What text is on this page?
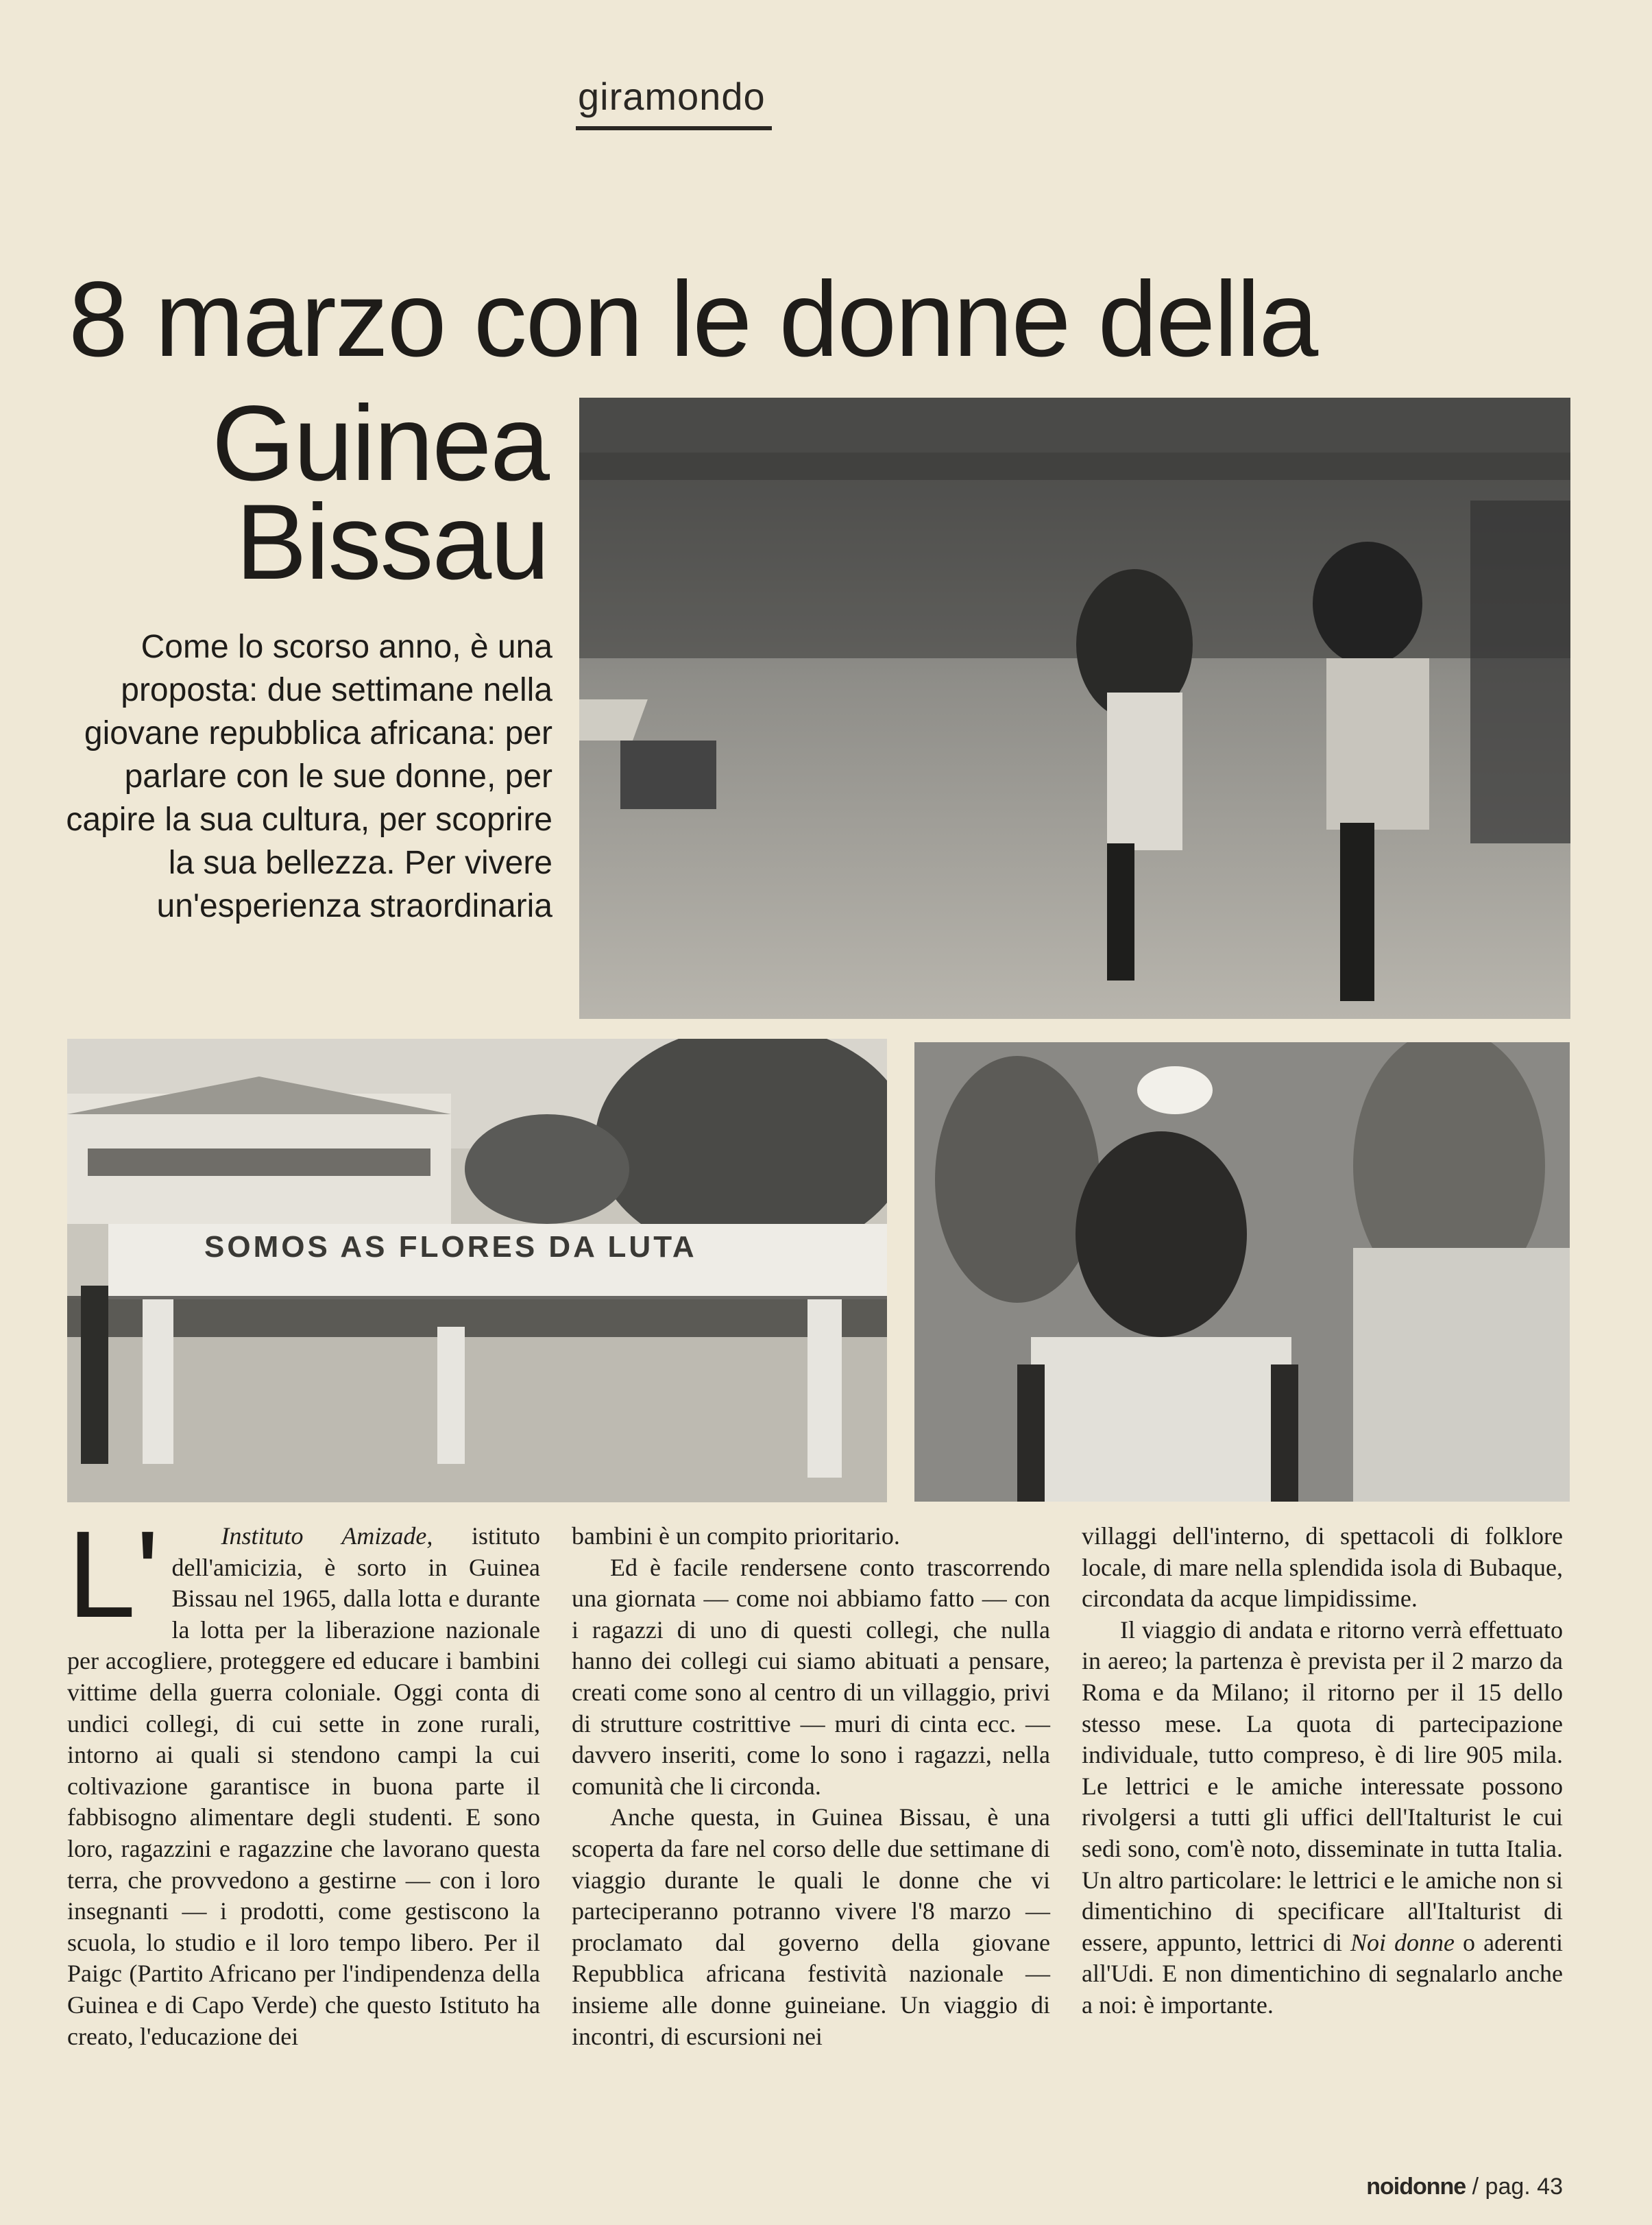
giramondo
8 marzo con le donne della
Guinea
Bissau
Come lo scorso anno, è una proposta: due settimane nella giovane repubblica africana: per parlare con le sue donne, per capire la sua cultura, per scoprire la sua bellezza. Per vivere un'esperienza straordinaria
SOMOS AS FLORES DA LUTA

L'	Instituto Amizade, istituto dell'amicizia, è sorto in Guinea Bissau nel 1965, dalla lotta e durante la lotta per la liberazione nazionale per accogliere, proteggere ed educare i bambini vittime della guerra coloniale. Oggi conta di undici collegi, di cui sette in zone rurali, intorno ai quali si stendono campi la cui coltivazione garantisce in buona parte il fabbisogno alimentare degli studenti. E sono loro, ragazzini e ragazzine che lavorano questa terra, che provvedono a gestirne — con i loro insegnanti — i prodotti, come gestiscono la scuola, lo studio e il loro tempo libero. Per il Paigc (Partito Africano per l'indipendenza della Guinea e di Capo Verde) che questo Istituto ha creato, l'educazione dei

bambini è un compito prioritario.

Ed è facile rendersene conto trascorrendo una giornata — come noi abbiamo fatto — con i ragazzi di uno di questi collegi, che nulla hanno dei collegi cui siamo abituati a pensare, creati come sono al centro di un villaggio, privi di strutture costrittive — muri di cinta ecc. — davvero inseriti, come lo sono i ragazzi, nella comunità che li circonda.

Anche questa, in Guinea Bissau, è una scoperta da fare nel corso delle due settimane di viaggio durante le quali le donne che vi parteciperanno potranno vivere l'8 marzo — proclamato dal governo della giovane Repubblica africana festività nazionale — insieme alle donne guineiane. Un viaggio di incontri, di escursioni nei

villaggi dell'interno, di spettacoli di folklore locale, di mare nella splendida isola di Bubaque, circondata da acque limpidissime.

Il viaggio di andata e ritorno verrà effettuato in aereo; la partenza è prevista per il 2 marzo da Roma e da Milano; il ritorno per il 15 dello stesso mese. La quota di partecipazione individuale, tutto compreso, è di lire 905 mila. Le lettrici e le amiche interessate possono rivolgersi a tutti gli uffici dell'Italturist le cui sedi sono, com'è noto, disseminate in tutta Italia. Un altro particolare: le lettrici e le amiche non si dimentichino di specificare all'Italturist di essere, appunto, lettrici di Noi donne o aderenti all'Udi. E non dimentichino di segnalarlo anche a noi: è importante.

noidonne / pag. 43
